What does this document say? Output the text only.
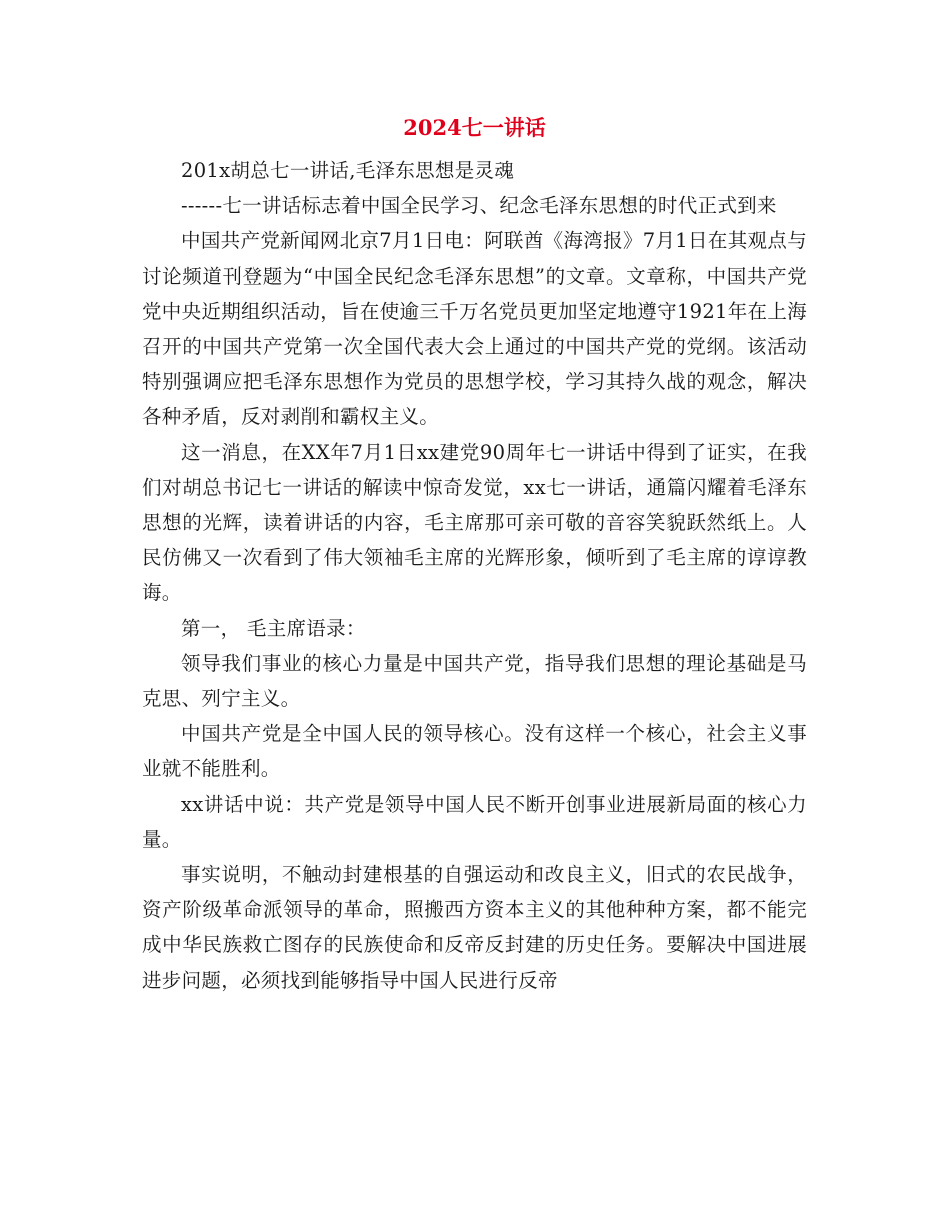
2024七一讲话

201x胡总七一讲话,毛泽东思想是灵魂

------七一讲话标志着中国全民学习、纪念毛泽东思想的时代正式到来

中国共产党新闻网北京7月1日电：阿联酋《海湾报》7月1日在其观点与讨论频道刊登题为“中国全民纪念毛泽东思想”的文章。文章称，中国共产党党中央近期组织活动，旨在使逾三千万名党员更加坚定地遵守1921年在上海召开的中国共产党第一次全国代表大会上通过的中国共产党的党纲。该活动特别强调应把毛泽东思想作为党员的思想学校，学习其持久战的观念，解决各种矛盾，反对剥削和霸权主义。

这一消息，在XX年7月1日xx建党90周年七一讲话中得到了证实，在我们对胡总书记七一讲话的解读中惊奇发觉，xx七一讲话，通篇闪耀着毛泽东思想的光辉，读着讲话的内容，毛主席那可亲可敬的音容笑貌跃然纸上。人民仿佛又一次看到了伟大领袖毛主席的光辉形象，倾听到了毛主席的谆谆教诲。

第一， 毛主席语录：

领导我们事业的核心力量是中国共产党，指导我们思想的理论基础是马克思、列宁主义。

中国共产党是全中国人民的领导核心。没有这样一个核心，社会主义事业就不能胜利。

xx讲话中说：共产党是领导中国人民不断开创事业进展新局面的核心力量。

事实说明，不触动封建根基的自强运动和改良主义，旧式的农民战争，资产阶级革命派领导的革命，照搬西方资本主义的其他种种方案，都不能完成中华民族救亡图存的民族使命和反帝反封建的历史任务。要解决中国进展进步问题，必须找到能够指导中国人民进行反帝
